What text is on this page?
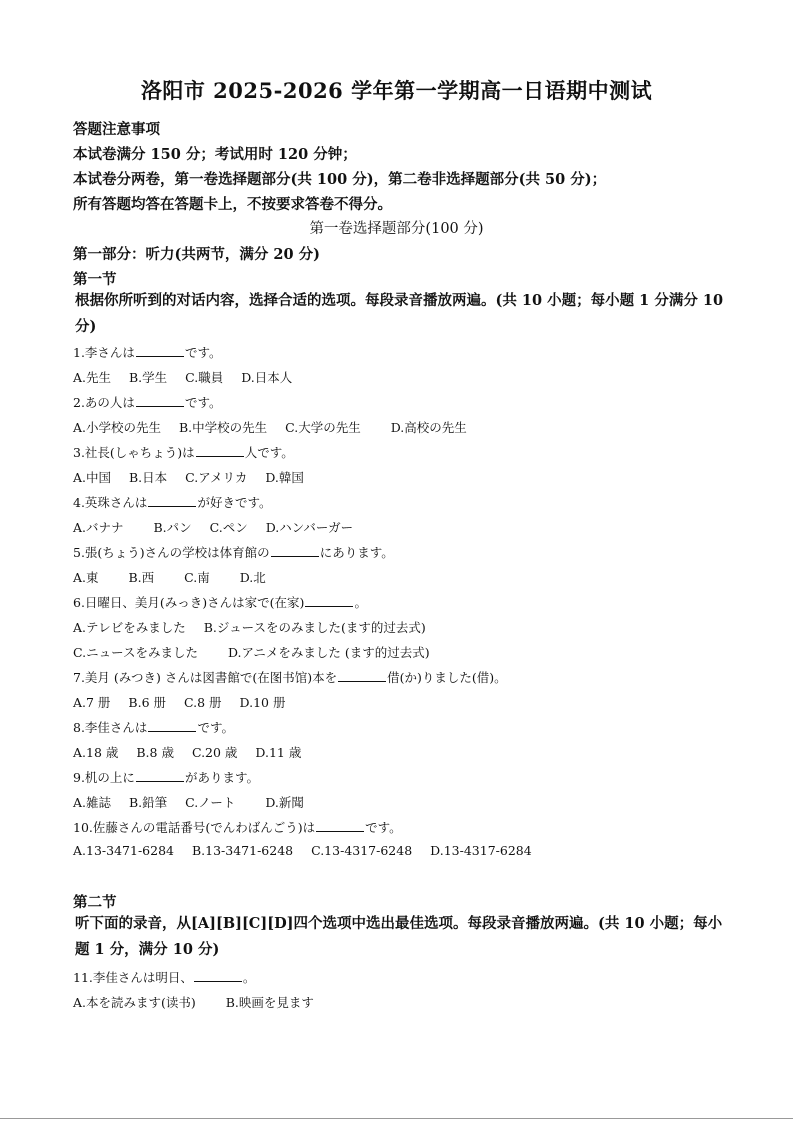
洛阳市 2025-2026 学年第一学期高一日语期中测试
答题注意事项
本试卷满分 150 分；考试用时 120 分钟；
本试卷分两卷，第一卷选择题部分(共 100 分)，第二卷非选择题部分(共 50 分)；
所有答题均答在答题卡上，不按要求答卷不得分。
第一卷选择题部分(100 分)
第一部分：听力(共两节，满分 20 分)
第一节
根据你所听到的对话内容，选择合适的选项。每段录音播放两遍。(共 10 小题；每小题 1 分满分 10 分)
1.李さんは	です。
A.先生 B.学生 C.職員 D.日本人
2.あの人は	です。
A.小学校の先生 B.中学校の先生 C.大学の先生 D.高校の先生
3.社長(しゃちょう)は	人です。
A.中国 B.日本 C.アメリカ D.韓国
4.英珠さんは	が好きです。
A.バナナ B.パン C.ペン D.ハンバーガー
5.張(ちょう)さんの学校は体育館の	にあります。
A.東 B.西 C.南 D.北
6.日曜日、美月(みっき)さんは家で(在家)	。
A.テレビをみました B.ジュースをのみました(ます的过去式)
C.ニュースをみました D.アニメをみました (ます的过去式)
7.美月 (みつき) さんは図書館で(在图书馆)本を	借(か)りました(借)。
A.7 册 B.6 册 C.8 册 D.10 册
8.李佳さんは	です。
A.18 歳 B.8 歳 C.20 歳 D.11 歳
9.机の上に	があります。
A.雑誌 B.鉛筆 C.ノート D.新聞
10.佐藤さんの電話番号(でんわばんごう)は	です。
A.13-3471-6284 B.13-3471-6248 C.13-4317-6248 D.13-4317-6284
第二节
听下面的录音，从[A][B][C][D]四个选项中选出最佳选项。每段录音播放两遍。(共 10 小题；每小题 1 分，满分 10 分)
11.李佳さんは明日、	。
A.本を読みます(读书) B.映画を見ます
